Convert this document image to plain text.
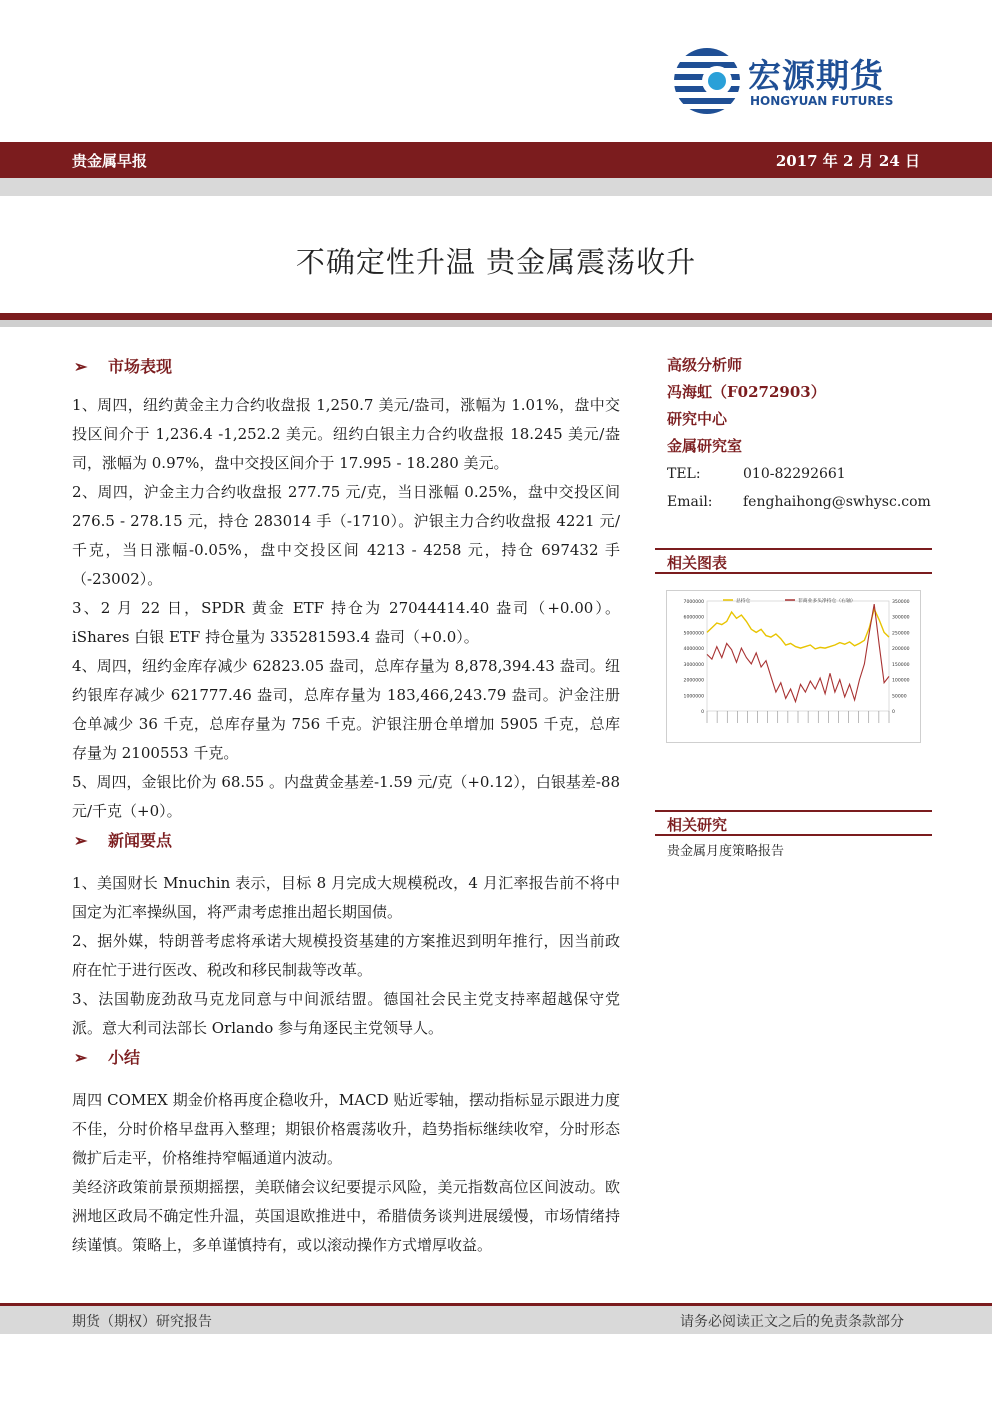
宏源期货
HONGYUAN FUTURES
贵金属早报	2017 年 2 月 24 日
不确定性升温 贵金属震荡收升
➢ 市场表现

1、周四，纽约黄金主力合约收盘报 1,250.7 美元/盎司，涨幅为 1.01%，盘中交投区间介于 1,236.4 -1,252.2 美元。纽约白银主力合约收盘报 18.245 美元/盎司，涨幅为 0.97%，盘中交投区间介于 17.995 - 18.280 美元。

2、周四，沪金主力合约收盘报 277.75 元/克，当日涨幅 0.25%，盘中交投区间 276.5 - 278.15 元，持仓 283014 手（-1710）。沪银主力合约收盘报 4221 元/千克，当日涨幅-0.05%，盘中交投区间 4213 - 4258 元，持仓 697432 手（-23002）。

3、2 月 22 日，SPDR 黄金 ETF 持仓为 27044414.40 盎司（+0.00）。iShares 白银 ETF 持仓量为 335281593.4 盎司（+0.0）。

4、周四，纽约金库存减少 62823.05 盎司，总库存量为 8,878,394.43 盎司。纽约银库存减少 621777.46 盎司，总库存量为 183,466,243.79 盎司。沪金注册仓单减少 36 千克，总库存量为 756 千克。沪银注册仓单增加 5905 千克，总库存量为 2100553 千克。

5、周四，金银比价为 68.55 。内盘黄金基差-1.59 元/克（+0.12），白银基差-88 元/千克（+0）。

➢ 新闻要点

1、美国财长 Mnuchin 表示，目标 8 月完成大规模税改，4 月汇率报告前不将中国定为汇率操纵国，将严肃考虑推出超长期国债。

2、据外媒，特朗普考虑将承诺大规模投资基建的方案推迟到明年推行，因当前政府在忙于进行医改、税改和移民制裁等改革。

3、法国勒庞劲敌马克龙同意与中间派结盟。德国社会民主党支持率超越保守党派。意大利司法部长 Orlando 参与角逐民主党领导人。

➢ 小结

周四 COMEX 期金价格再度企稳收升，MACD 贴近零轴，摆动指标显示跟进力度不佳，分时价格早盘再入整理；期银价格震荡收升，趋势指标继续收窄，分时形态微扩后走平，价格维持窄幅通道内波动。

美经济政策前景预期摇摆，美联储会议纪要提示风险，美元指数高位区间波动。欧洲地区政局不确定性升温，英国退欧推进中，希腊债务谈判进展缓慢，市场情绪持续谨慎。策略上，多单谨慎持有，或以滚动操作方式增厚收益。

高级分析师
冯海虹（F0272903）
研究中心
金属研究室
TEL:	010-82292661
Email: fenghaihong@swhysc.com
相关图表
7000000
6000000
5000000
4000000
3000000
2000000
1000000
0
350000
300000
250000
200000
150000
100000
50000
0
总持仓	非商业多头净持仓（右轴）
相关研究
贵金属月度策略报告
期货（期权）研究报告	请务必阅读正文之后的免责条款部分
